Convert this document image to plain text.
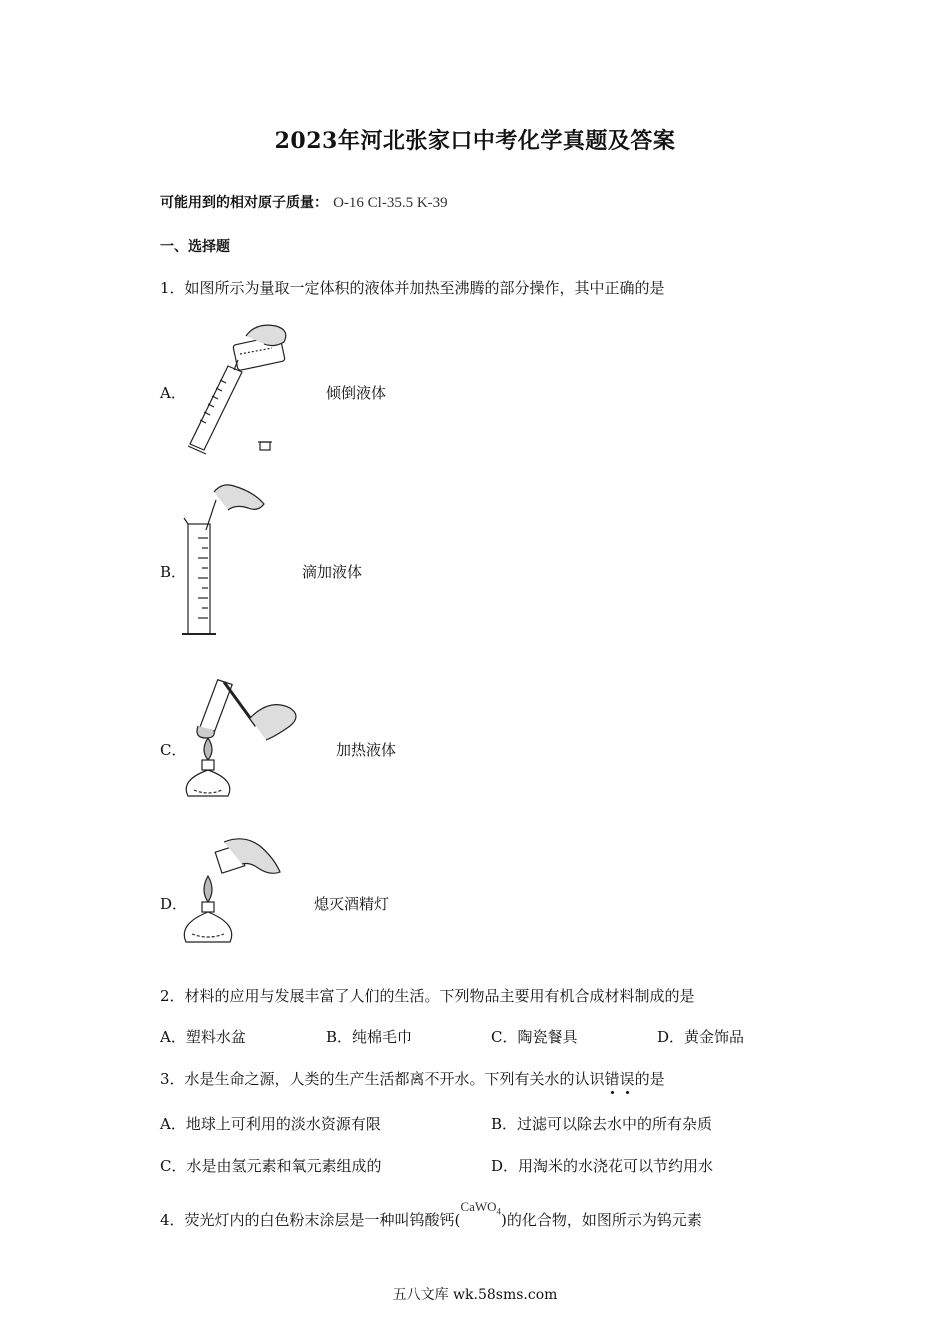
2023年河北张家口中考化学真题及答案
可能用到的相对原子质量： O-16 Cl-35.5 K-39
一、选择题
1．如图所示为量取一定体积的液体并加热至沸腾的部分操作，其中正确的是
A．	倾倒液体
B．	滴加液体
C．	加热液体
D．	熄灭酒精灯
2．材料的应用与发展丰富了人们的生活。下列物品主要用有机合成材料制成的是
A．塑料水盆	B．纯棉毛巾	C．陶瓷餐具	D．黄金饰品
3．水是生命之源，人类的生产生活都离不开水。下列有关水的认识错误的是
A．地球上可利用的淡水资源有限	B．过滤可以除去水中的所有杂质
C．水是由氢元素和氧元素组成的	D．用淘米的水浇花可以节约用水
4．荧光灯内的白色粉末涂层是一种叫钨酸钙(CaWO$_4$)的化合物，如图所示为钨元素
五八文库 wk.58sms.com
